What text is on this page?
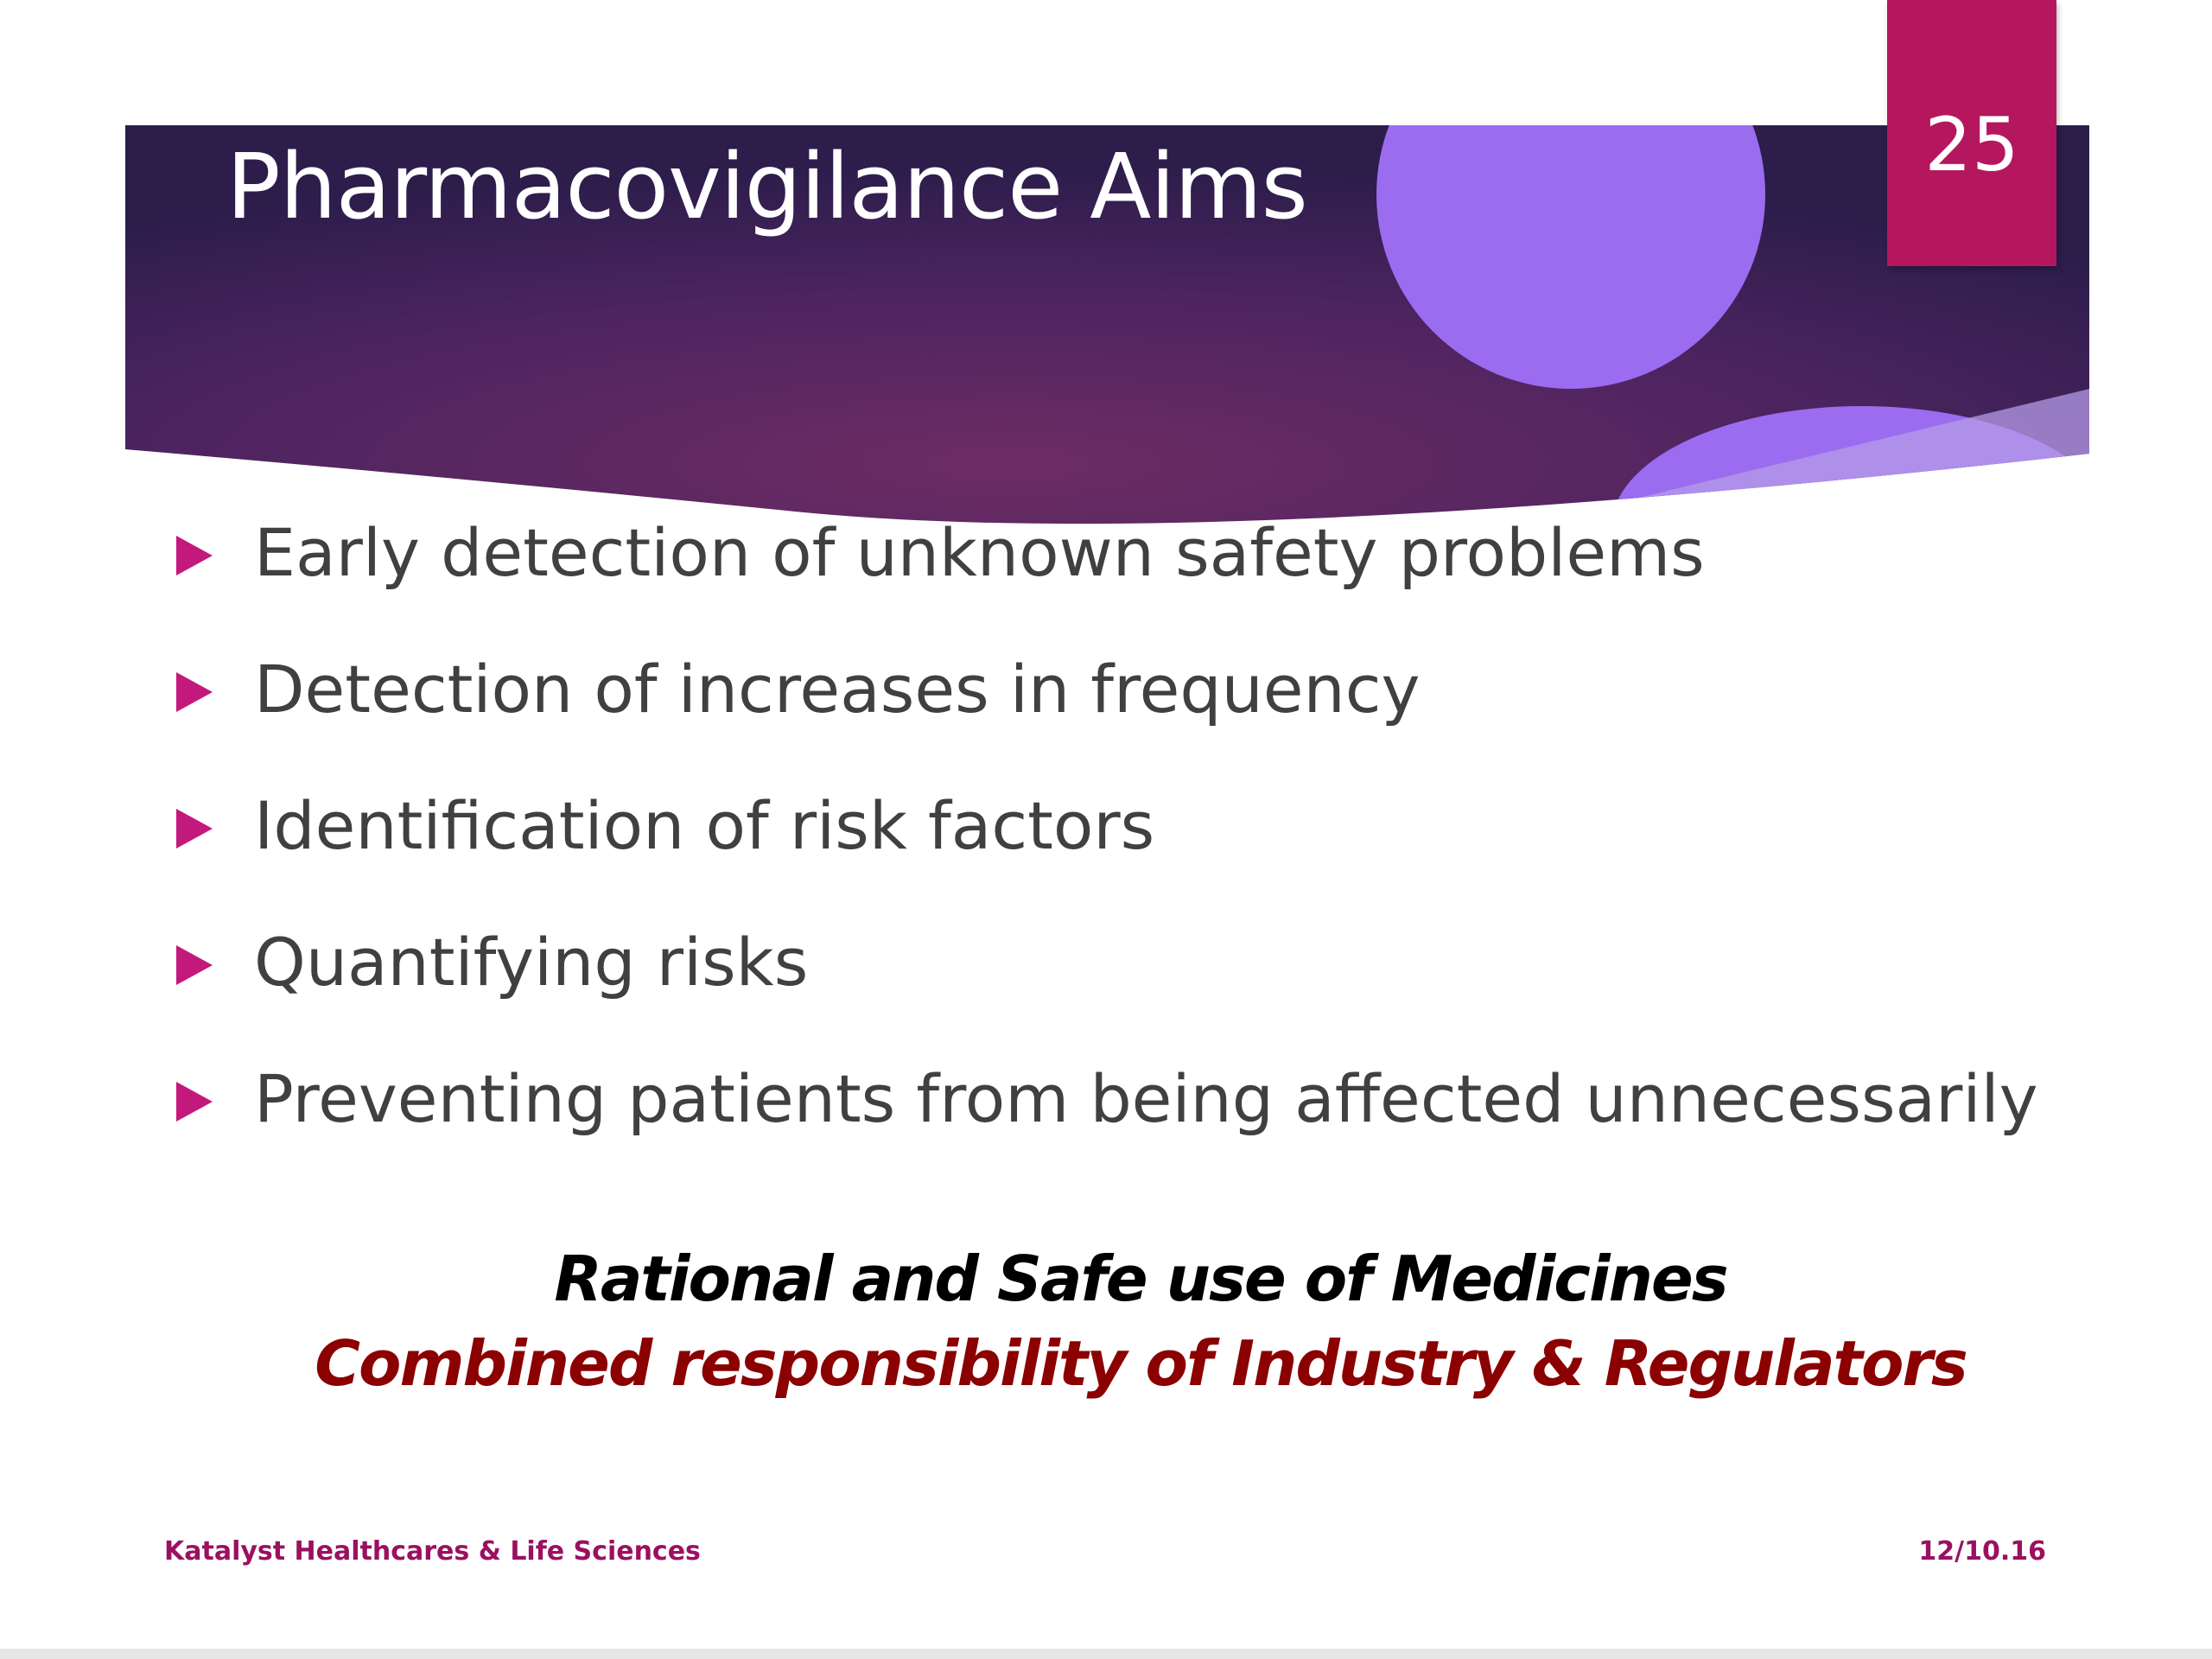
Pharmacovigilance Aims	25
Early detection of unknown safety problems
Detection of increases in frequency
Identification of risk factors
Quantifying risks
Preventing patients from being affected unnecessarily
Rational and Safe use of Medicines
Combined responsibility of Industry & Regulators
Katalyst Healthcares & Life Sciences	12/10.16
